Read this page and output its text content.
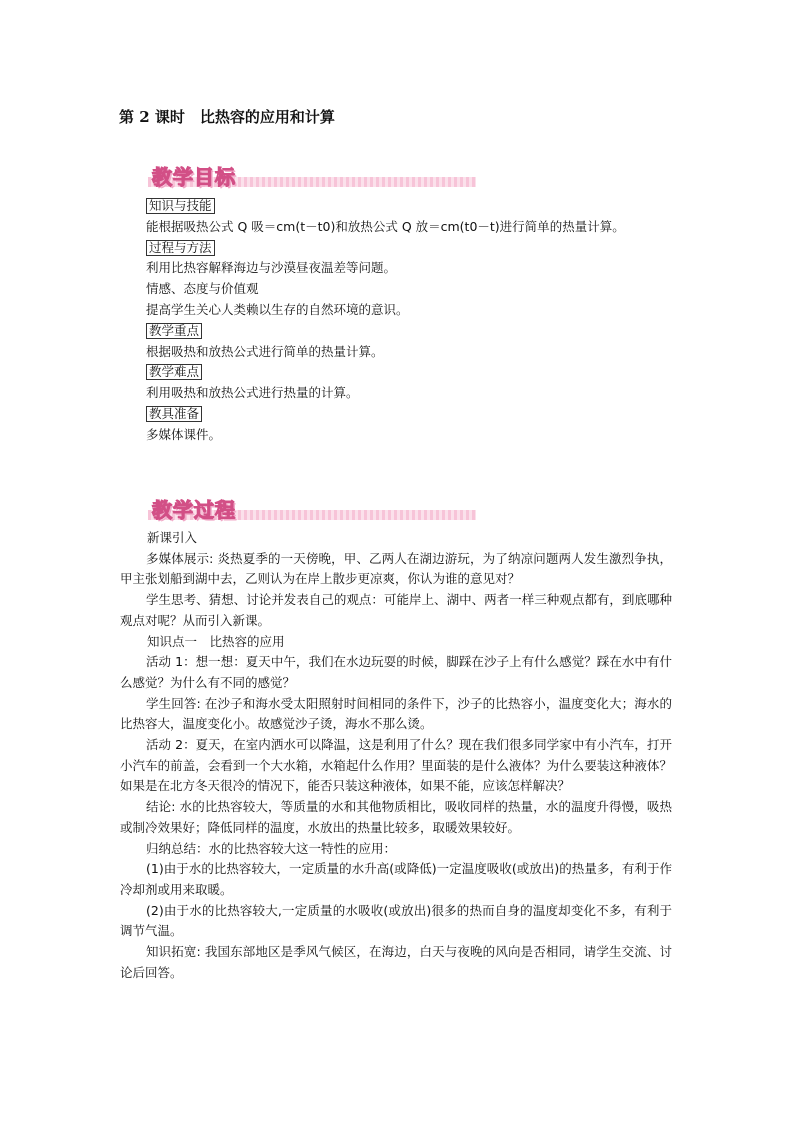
第 2 课时　比热容的应用和计算
教学目标
知识与技能
能根据吸热公式 Q 吸＝cm(t－t0)和放热公式 Q 放＝cm(t0－t)进行简单的热量计算。
过程与方法
利用比热容解释海边与沙漠昼夜温差等问题。
情感、态度与价值观
提高学生关心人类赖以生存的自然环境的意识。
教学重点
根据吸热和放热公式进行简单的热量计算。
教学难点
利用吸热和放热公式进行热量的计算。
教具准备
多媒体课件。
教学过程

新课引入

多媒体展示: 炎热夏季的一天傍晚，甲、乙两人在湖边游玩，为了纳凉问题两人发生激烈争执，甲主张划船到湖中去，乙则认为在岸上散步更凉爽，你认为谁的意见对？

学生思考、猜想、讨论并发表自己的观点：可能岸上、湖中、两者一样三种观点都有，到底哪种观点对呢？从而引入新课。

知识点一　比热容的应用

活动 1：想一想：夏天中午，我们在水边玩耍的时候，脚踩在沙子上有什么感觉？踩在水中有什么感觉？为什么有不同的感觉？

学生回答: 在沙子和海水受太阳照射时间相同的条件下，沙子的比热容小，温度变化大；海水的比热容大，温度变化小。故感觉沙子烫，海水不那么烫。

活动 2：夏天，在室内洒水可以降温，这是利用了什么？现在我们很多同学家中有小汽车，打开小汽车的前盖，会看到一个大水箱，水箱起什么作用？里面装的是什么液体？为什么要装这种液体？如果是在北方冬天很冷的情况下，能否只装这种液体，如果不能，应该怎样解决？

结论: 水的比热容较大，等质量的水和其他物质相比，吸收同样的热量，水的温度升得慢，吸热或制冷效果好；降低同样的温度，水放出的热量比较多，取暖效果较好。

归纳总结：水的比热容较大这一特性的应用：

(1)由于水的比热容较大，一定质量的水升高(或降低)一定温度吸收(或放出)的热量多，有利于作冷却剂或用来取暖。

(2)由于水的比热容较大,一定质量的水吸收(或放出)很多的热而自身的温度却变化不多，有利于调节气温。

知识拓宽: 我国东部地区是季风气候区，在海边，白天与夜晚的风向是否相同，请学生交流、讨论后回答。
